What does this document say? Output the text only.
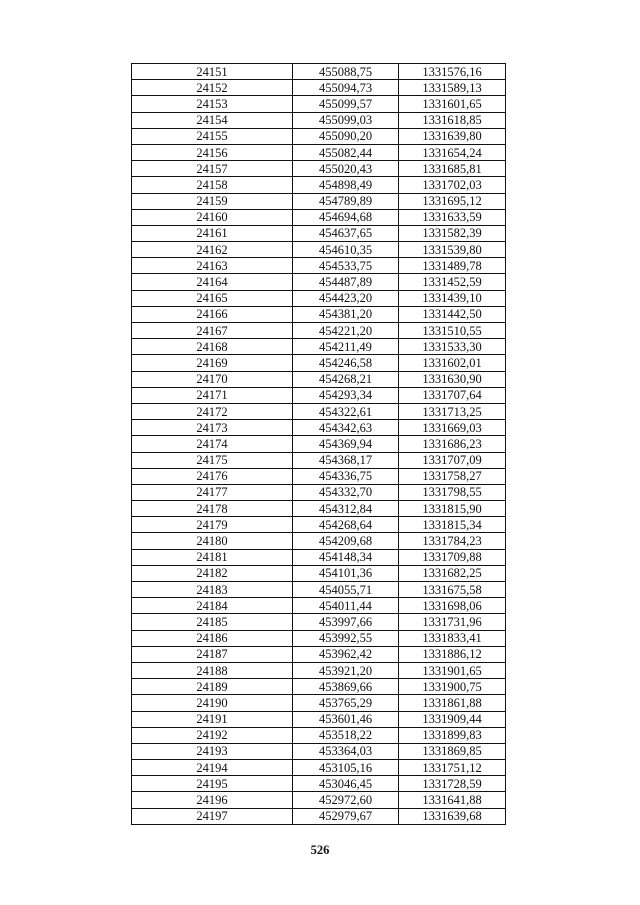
24151	455088,75	1331576,16
24152	455094,73	1331589,13
24153	455099,57	1331601,65
24154	455099,03	1331618,85
24155	455090,20	1331639,80
24156	455082,44	1331654,24
24157	455020,43	1331685,81
24158	454898,49	1331702,03
24159	454789,89	1331695,12
24160	454694,68	1331633,59
24161	454637,65	1331582,39
24162	454610,35	1331539,80
24163	454533,75	1331489,78
24164	454487,89	1331452,59
24165	454423,20	1331439,10
24166	454381,20	1331442,50
24167	454221,20	1331510,55
24168	454211,49	1331533,30
24169	454246,58	1331602,01
24170	454268,21	1331630,90
24171	454293,34	1331707,64
24172	454322,61	1331713,25
24173	454342,63	1331669,03
24174	454369,94	1331686,23
24175	454368,17	1331707,09
24176	454336,75	1331758,27
24177	454332,70	1331798,55
24178	454312,84	1331815,90
24179	454268,64	1331815,34
24180	454209,68	1331784,23
24181	454148,34	1331709,88
24182	454101,36	1331682,25
24183	454055,71	1331675,58
24184	454011,44	1331698,06
24185	453997,66	1331731,96
24186	453992,55	1331833,41
24187	453962,42	1331886,12
24188	453921,20	1331901,65
24189	453869,66	1331900,75
24190	453765,29	1331861,88
24191	453601,46	1331909,44
24192	453518,22	1331899,83
24193	453364,03	1331869,85
24194	453105,16	1331751,12
24195	453046,45	1331728,59
24196	452972,60	1331641,88
24197	452979,67	1331639,68
526
